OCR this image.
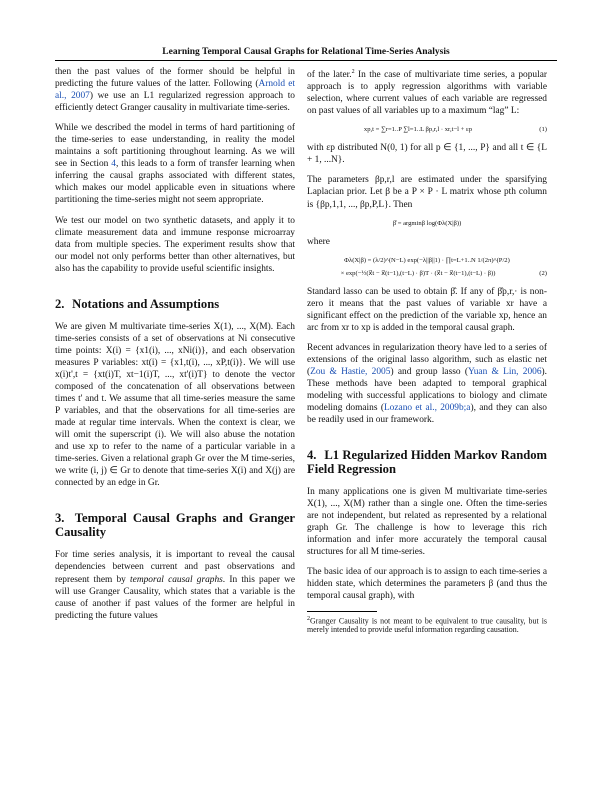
Learning Temporal Causal Graphs for Relational Time-Series Analysis

then the past values of the former should be helpful in predicting the future values of the latter. Following (Arnold et al., 2007) we use an L1 regularized regression approach to efficiently detect Granger causality in multivariate time-series.

While we described the model in terms of hard partitioning of the time-series to ease understanding, in reality the model maintains a soft partitioning throughout learning. As we will see in Section 4, this leads to a form of transfer learning when inferring the causal graphs associated with different states, which makes our model applicable even in situations where partitioning the time-series might not seem appropriate.

We test our model on two synthetic datasets, and apply it to climate measurement data and immune response microarray data from multiple species. The experiment results show that our model not only performs better than other alternatives, but also has the capability to provide useful scientific insights.

2. Notations and Assumptions

We are given M multivariate time-series X(1), ..., X(M). Each time-series consists of a set of observations at Ni consecutive time points: X(i) = {x1(i), ..., xNi(i)}, and each observation measures P variables: xt(i) = {x1,t(i), ..., xP,t(i)}. We will use x(i)t',t = {xt(i)T, xt−1(i)T, ..., xt'(i)T} to denote the vector composed of the concatenation of all observations between times t' and t. We assume that all time-series measure the same P variables, and that the observations for all time-series are made at regular time intervals. When the context is clear, we will omit the superscript (i). We will also abuse the notation and use xp to refer to the name of a particular variable in a time-series. Given a relational graph Gr over the M time-series, we write (i, j) ∈ Gr to denote that time-series X(i) and X(j) are connected by an edge in Gr.

3. Temporal Causal Graphs and Granger Causality

For time series analysis, it is important to reveal the causal dependencies between current and past observations and represent them by temporal causal graphs. In this paper we will use Granger Causality, which states that a variable is the cause of another if past values of the former are helpful in predicting the future values

of the later.$^2$ In the case of multivariate time series, a popular approach is to apply regression algorithms with variable selection, where current values of each variable are regressed on past values of all variables up to a maximum “lag” L:

xp,t = ∑r=1..P ∑l=1..L βp,r,l · xr,t−l + εp	(1)

with εp distributed N(0, 1) for all p ∈ {1, ..., P} and all t ∈ {L + 1, ...N}.

The parameters βp,r,l are estimated under the sparsifying Laplacian prior. Let β be a P × P · L matrix whose pth column is {βp,1,1, ..., βp,P,L}. Then

β̂ = argminβ log(Φλ(X|β))

where

Φλ(X|β) = (λ/2)^(N−L) exp(−λ||β||1) · ∏t=L+1..N 1/(2π)^(P/2)
× exp(−½(x⃗t − x⃗(t−1),(t−L) · β)T · (x⃗t − x⃗(t−1),(t−L) · β))	(2)

Standard lasso can be used to obtain β̂. If any of β̂p,r,· is non-zero it means that the past values of variable xr have a significant effect on the prediction of the variable xp, hence an arc from xr to xp is added in the temporal causal graph.

Recent advances in regularization theory have led to a series of extensions of the original lasso algorithm, such as elastic net (Zou & Hastie, 2005) and group lasso (Yuan & Lin, 2006). These methods have been adapted to temporal graphical modeling with successful applications to biology and climate modeling domains (Lozano et al., 2009b;a), and they can also be readily used in our framework.

4. L1 Regularized Hidden Markov Random Field Regression

In many applications one is given M multivariate time-series X(1), ..., X(M) rather than a single one. Often the time-series are not independent, but related as represented by a relational graph Gr. The challenge is how to leverage this rich information and infer more accurately the temporal causal structures for all M time-series.

The basic idea of our approach is to assign to each time-series a hidden state, which determines the parameters β (and thus the temporal causal graph), with

$^2$Granger Causality is not meant to be equivalent to true causality, but is merely intended to provide useful information regarding causation.
